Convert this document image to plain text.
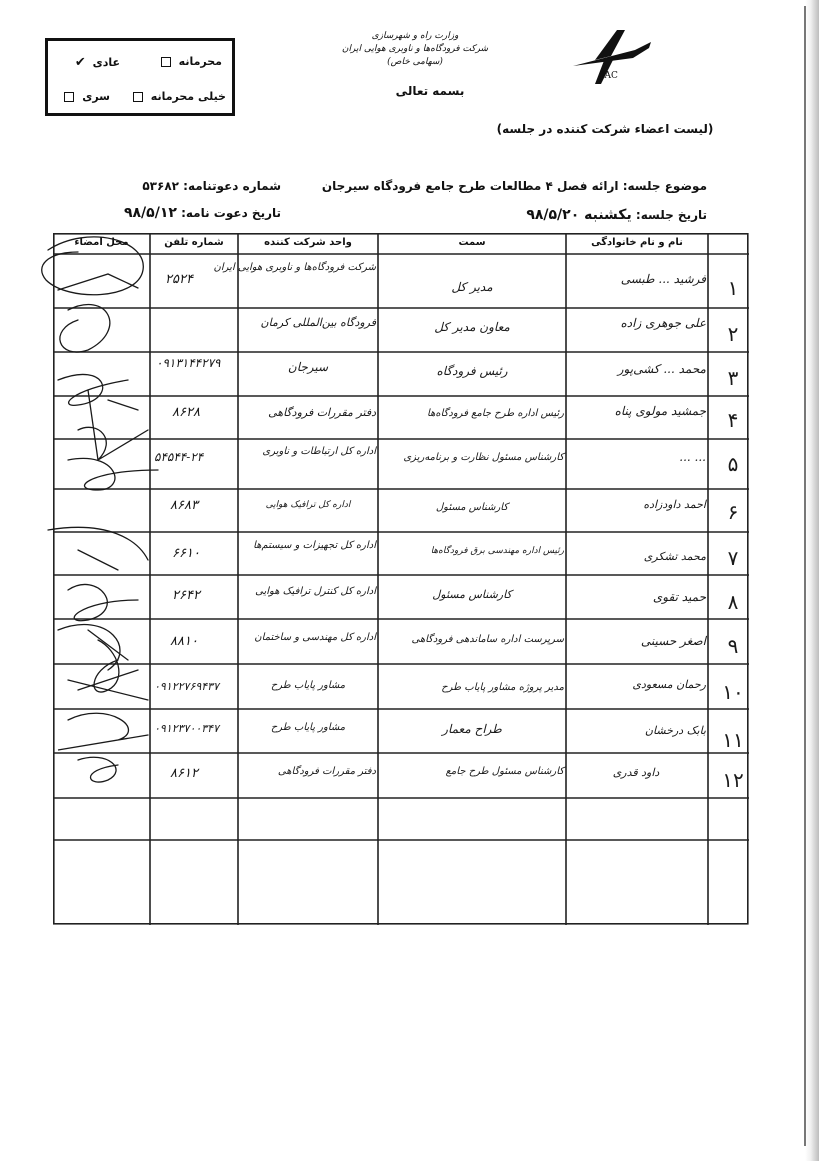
عادی ✔	محرمانه
خیلی محرمانه
سری
وزارت راه و شهرسازی
شرکت فرودگاه‌ها و ناوبری هوایی ایران (سهامی خاص)
بسمه تعالی
IAC
(لیست اعضاء شرکت کننده در جلسه)
موضوع جلسه: ارائه فصل ۴ مطالعات طرح جامع فرودگاه سیرجان
تاریخ جلسه: یکشنبه ۹۸/۵/۲۰
شماره دعوتنامه: ۵۳۶۸۲
تاریخ دعوت نامه: ۹۸/۵/۱۲
نام و نام خانوادگی
سمت
واحد شرکت کننده
شماره تلفن
محل امضاء
۱
فرشید ... طبسی
مدیر کل
شرکت فرودگاه‌ها و ناوبری هوایی ایران
۲۵۲۴
۲
علی جوهری زاده
معاون مدیر کل
فرودگاه بین‌المللی کرمان
۳
محمد ... کشی‌پور
رئیس فرودگاه
سیرجان
۰۹۱۳۱۴۴۲۷۹
۴
جمشید مولوی پناه
رئیس اداره طرح جامع فرودگاه‌ها
دفتر مقررات فرودگاهی
۸۶۲۸
۵
... ...
کارشناس مسئول نظارت و برنامه‌ریزی
اداره کل ارتباطات و ناوبری
۵۴۵۴۴-۲۴
۶
احمد داودزاده
کارشناس مسئول
اداره کل ترافیک هوایی
۸۶۸۳
۷
محمد تشکری
رئیس اداره مهندسی برق فرودگاه‌ها
اداره کل تجهیزات و سیستم‌ها
۶۶۱۰
۸
حمید تقوی
کارشناس مسئول
اداره کل کنترل ترافیک هوایی
۲۶۴۲
۹
اصغر حسینی
سرپرست اداره ساماندهی فرودگاهی
اداره کل مهندسی و ساختمان
۸۸۱۰
۱۰
رحمان مسعودی
مدیر پروژه مشاور پایاب طرح
مشاور پایاب طرح
۰۹۱۲۲۷۶۹۴۳۷
۱۱
بابک درخشان
طراح معمار
مشاور پایاب طرح
۰۹۱۲۳۷۰۰۳۴۷
۱۲
داود قدری
کارشناس مسئول طرح جامع
دفتر مقررات فرودگاهی
۸۶۱۲
